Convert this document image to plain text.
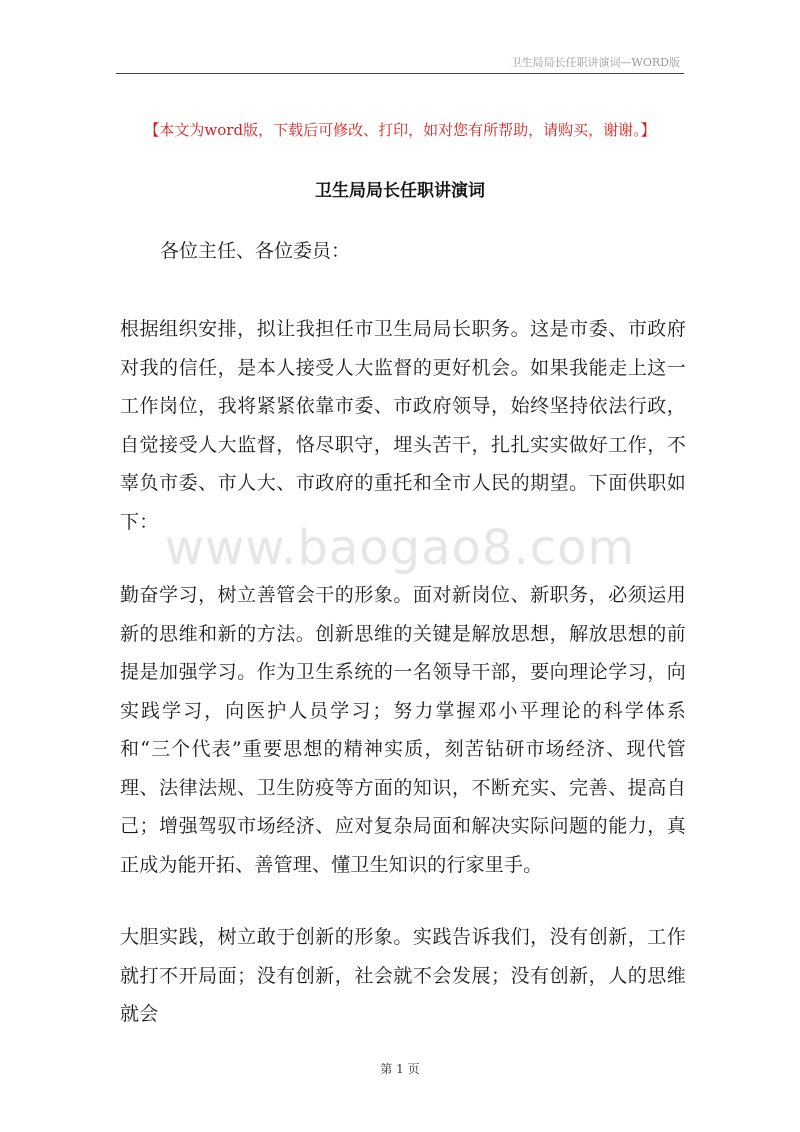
卫生局局长任职讲演词—WORD版
【本文为word版，下载后可修改、打印，如对您有所帮助，请购买，谢谢。】
卫生局局长任职讲演词
各位主任、各位委员：
根据组织安排，拟让我担任市卫生局局长职务。这是市委、市政府对我的信任，是本人接受人大监督的更好机会。如果我能走上这一工作岗位，我将紧紧依靠市委、市政府领导，始终坚持依法行政，自觉接受人大监督，恪尽职守，埋头苦干，扎扎实实做好工作，不辜负市委、市人大、市政府的重托和全市人民的期望。下面供职如下： www.baogao8.com
勤奋学习，树立善管会干的形象。面对新岗位、新职务，必须运用新的思维和新的方法。创新思维的关键是解放思想，解放思想的前提是加强学习。作为卫生系统的一名领导干部，要向理论学习，向实践学习，向医护人员学习；努力掌握邓小平理论的科学体系和“三个代表”重要思想的精神实质，刻苦钻研市场经济、现代管理、法律法规、卫生防疫等方面的知识，不断充实、完善、提高自己；增强驾驭市场经济、应对复杂局面和解决实际问题的能力，真正成为能开拓、善管理、懂卫生知识的行家里手。
大胆实践，树立敢于创新的形象。实践告诉我们，没有创新，工作就打不开局面；没有创新，社会就不会发展；没有创新，人的思维就会
第 1 页
